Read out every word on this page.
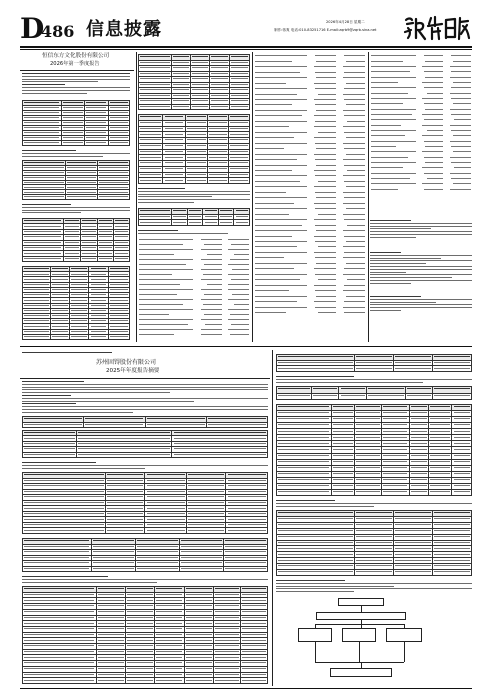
D
486 信息披露	2026年4月28日 星期二
制作:蒋爽 电话:010-83251716 E-mail:zqrb9@zqrb.sina.net
恒信东方文化股份有限公司
2026年第一季度报告
苏州固锝股份有限公司
2025年年度报告摘要
